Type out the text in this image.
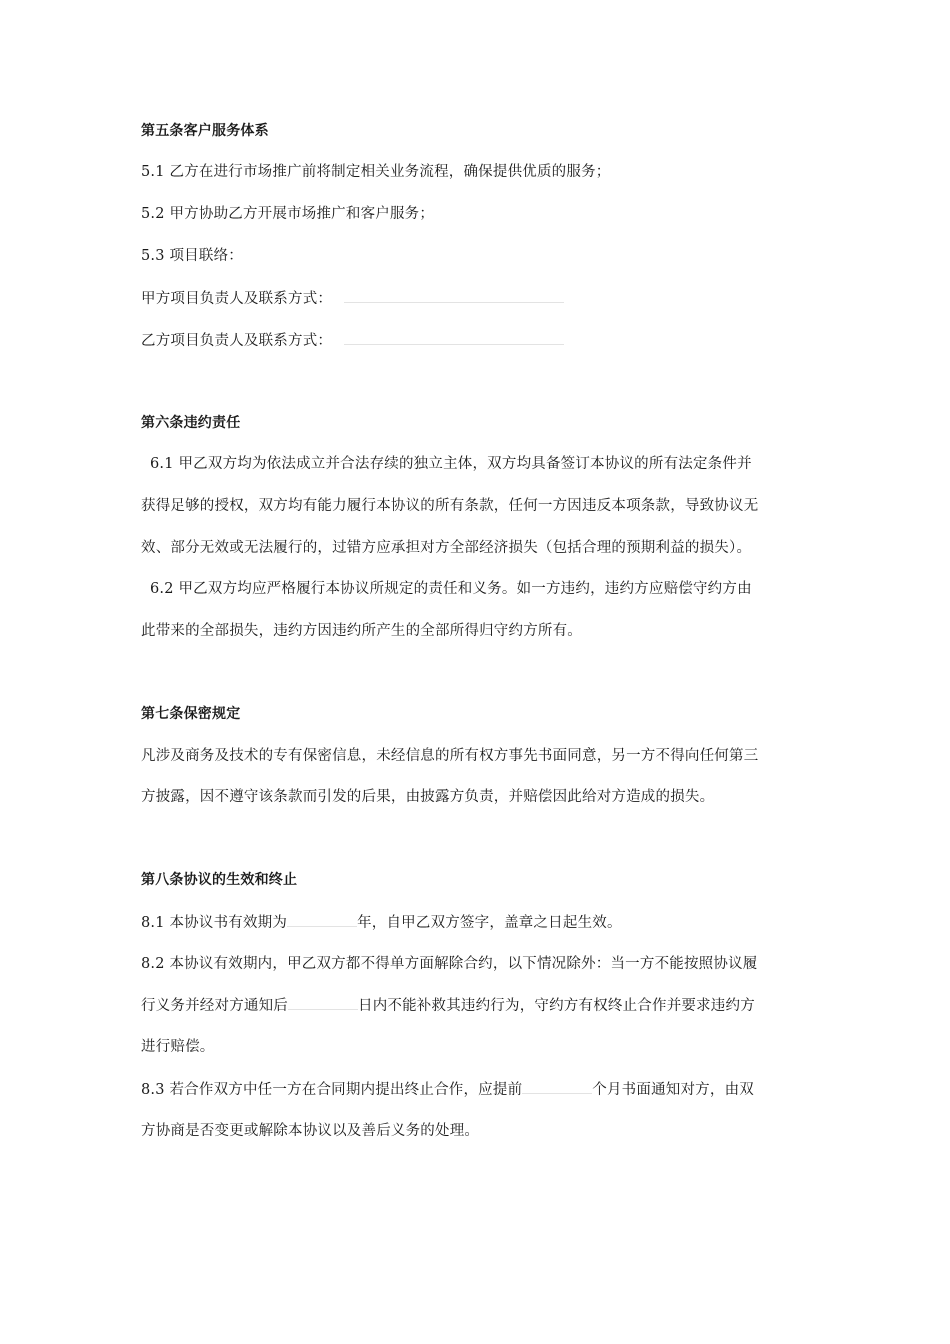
第五条客户服务体系
5.1 乙方在进行市场推广前将制定相关业务流程，确保提供优质的服务；
5.2 甲方协助乙方开展市场推广和客户服务；
5.3 项目联络：
甲方项目负责人及联系方式：
乙方项目负责人及联系方式：
第六条违约责任
6.1 甲乙双方均为依法成立并合法存续的独立主体，双方均具备签订本协议的所有法定条件并
获得足够的授权，双方均有能力履行本协议的所有条款，任何一方因违反本项条款，导致协议无
效、部分无效或无法履行的，过错方应承担对方全部经济损失（包括合理的预期利益的损失）。
6.2 甲乙双方均应严格履行本协议所规定的责任和义务。如一方违约，违约方应赔偿守约方由
此带来的全部损失，违约方因违约所产生的全部所得归守约方所有。
第七条保密规定
凡涉及商务及技术的专有保密信息，未经信息的所有权方事先书面同意，另一方不得向任何第三
方披露，因不遵守该条款而引发的后果，由披露方负责，并赔偿因此给对方造成的损失。
第八条协议的生效和终止
8.1 本协议书有效期为	年，自甲乙双方签字，盖章之日起生效。
8.2 本协议有效期内，甲乙双方都不得单方面解除合约，以下情况除外：当一方不能按照协议履
行义务并经对方通知后	日内不能补救其违约行为，守约方有权终止合作并要求违约方
进行赔偿。
8.3 若合作双方中任一方在合同期内提出终止合作，应提前	个月书面通知对方，由双
方协商是否变更或解除本协议以及善后义务的处理。
